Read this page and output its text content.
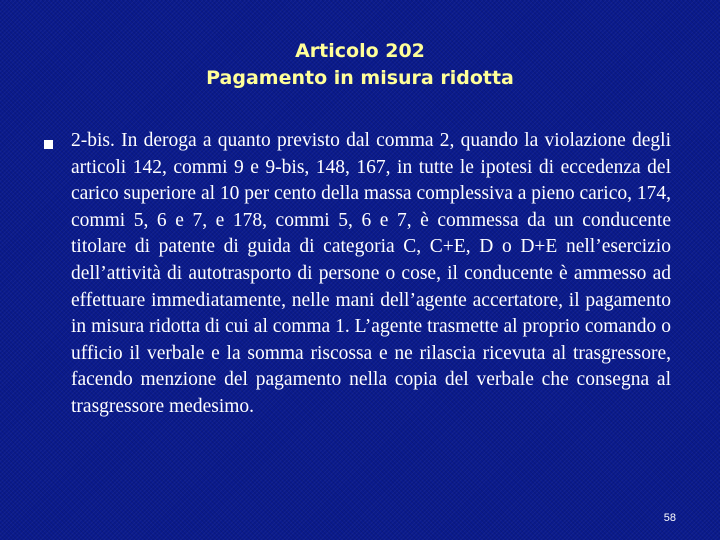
Articolo 202
Pagamento in misura ridotta

2-bis. In deroga a quanto previsto dal comma 2, quando la violazione degli articoli 142, commi 9 e 9-bis, 148, 167, in tutte le ipotesi di eccedenza del carico superiore al 10 per cento della massa complessiva a pieno carico, 174, commi 5, 6 e 7, e 178, commi 5, 6 e 7, è commessa da un conducente titolare di patente di guida di categoria C, C+E, D o D+E nell’esercizio dell’attività di autotrasporto di persone o cose, il conducente è ammesso ad effettuare immediatamente, nelle mani dell’agente accertatore, il pagamento in misura ridotta di cui al comma 1. L’agente trasmette al proprio comando o ufficio il verbale e la somma riscossa e ne rilascia ricevuta al trasgressore, facendo menzione del pagamento nella copia del verbale che consegna al trasgressore medesimo.

58
